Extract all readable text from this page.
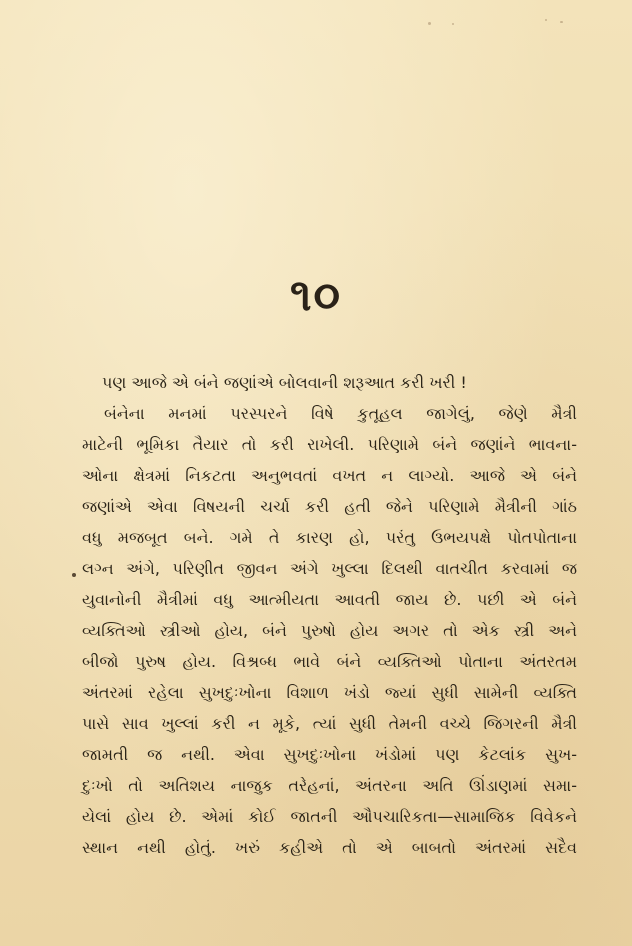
૧૦
પણ આજે એ બંને જણાંએ બોલવાની શરૂઆત કરી ખરી !
બંનેના મનમાં પરસ્પરને વિષે કુતૂહલ જાગેલું, જેણે મૈત્રી
માટેની ભૂમિકા તૈયાર તો કરી રાખેલી. પરિણામે બંને જણાંને ભાવના-
ઓના ક્ષેત્રમાં નિકટતા અનુભવતાં વખત ન લાગ્યો. આજે એ બંને
જણાંએ એવા વિષયની ચર્ચા કરી હતી જેને પરિણામે મૈત્રીની ગાંઠ
વધુ મજબૂત બને. ગમે તે કારણ હો, પરંતુ ઉભયપક્ષે પોતપોતાના
લગ્ન અંગે, પરિણીત જીવન અંગે ખુલ્લા દિલથી વાતચીત કરવામાં જ
યુવાનોની મૈત્રીમાં વધુ આત્મીયતા આવતી જાય છે. પછી એ બંને
વ્યક્તિઓ સ્ત્રીઓ હોય, બંને પુરુષો હોય અગર તો એક સ્ત્રી અને
બીજો પુરુષ હોય. વિશ્રબ્ધ ભાવે બંને વ્યક્તિઓ પોતાના અંતરતમ
અંતરમાં રહેલા સુખદુઃખોના વિશાળ ખંડો જ્યાં સુધી સામેની વ્યક્તિ
પાસે સાવ ખુલ્લાં કરી ન મૂકે, ત્યાં સુધી તેમની વચ્ચે જિગરની મૈત્રી
જામતી જ નથી. એવા સુખદુઃખોના ખંડોમાં પણ કેટલાંક સુખ-
દુઃખો તો અતિશય નાજુક તરેહનાં, અંતરના અતિ ઊંડાણમાં સમા-
યેલાં હોય છે. એમાં કોઈ જાતની ઔપચારિકતા—સામાજિક વિવેકને
સ્થાન નથી હોતું. ખરું કહીએ તો એ બાબતો અંતરમાં સદૈવ
